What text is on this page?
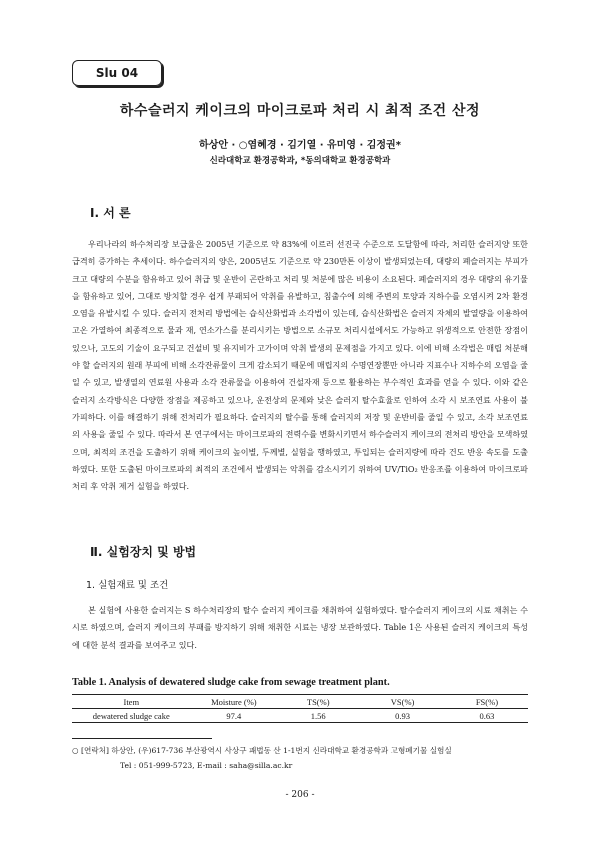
Slu 04
하수슬러지 케이크의 마이크로파 처리 시 최적 조건 산정
하상안 · ○염혜경 · 김기열 · 유미영 · 김정권*
신라대학교 환경공학과, *동의대학교 환경공학과
Ⅰ. 서 론

우리나라의 하수처리장 보급율은 2005년 기준으로 약 83%에 이르러 선진국 수준으로 도달함에 따라, 처리한 슬러지양 또한 급격히 증가하는 추세이다. 하수슬러지의 양은, 2005년도 기준으로 약 230만톤 이상이 발생되었는데, 대량의 폐슬러지는 부피가 크고 대량의 수분을 함유하고 있어 취급 및 운반이 곤란하고 처리 및 처분에 많은 비용이 소요된다. 폐슬러지의 경우 대량의 유기물을 함유하고 있어, 그대로 방치할 경우 쉽게 부패되어 악취를 유발하고, 침출수에 의해 주변의 토양과 지하수를 오염시켜 2차 환경오염을 유발시킬 수 있다. 슬러지 전처리 방법에는 습식산화법과 소각법이 있는데, 습식산화법은 슬러지 자체의 발열량을 이용하여 고온 가열하여 최종적으로 물과 재, 연소가스를 분리시키는 방법으로 소규모 처리시설에서도 가능하고 위생적으로 안전한 장점이 있으나, 고도의 기술이 요구되고 건설비 및 유지비가 고가이며 악취 발생의 문제점을 가지고 있다. 이에 비해 소각법은 매립 처분해야 할 슬러지의 원래 부피에 비해 소각잔류물이 크게 감소되기 때문에 매립지의 수명연장뿐만 아니라 지표수나 지하수의 오염을 줄 일 수 있고, 발생열의 연료원 사용과 소각 잔류물을 이용하여 건설자재 등으로 활용하는 부수적인 효과를 얻을 수 있다. 이와 같은 슬러지 소각방식은 다양한 장점을 제공하고 있으나, 운전상의 문제와 낮은 슬러지 탈수효율로 인하여 소각 시 보조연료 사용이 불가피하다. 이를 해결하기 위해 전처리가 필요하다. 슬러지의 탈수를 통해 슬러지의 저장 및 운반비를 줄일 수 있고, 소각 보조연료의 사용을 줄일 수 있다. 따라서 본 연구에서는 마이크로파의 전력수를 변화시키면서 하수슬러지 케이크의 전처리 방안을 모색하였으며, 최적의 조건을 도출하기 위해 케이크의 높이별, 두께별, 실험을 행하였고, 투입되는 슬러지량에 따라 건도 반응 속도를 도출하였다. 또한 도출된 마이크로파의 최적의 조건에서 발생되는 악취를 감소시키기 위하여 UV/TiO₂ 반응조를 이용하여 마이크로파 처리 후 악취 제거 실험을 하였다.

Ⅱ. 실험장치 및 방법
1. 실험재료 및 조건

본 실험에 사용한 슬러지는 S 하수처리장의 탈수 슬러지 케이크를 채취하여 실험하였다. 탈수슬러지 케이크의 시료 채취는 수시로 하였으며, 슬러지 케이크의 부패를 방지하기 위해 채취한 시료는 냉장 보관하였다. Table 1은 사용된 슬러지 케이크의 특성에 대한 분석 결과를 보여주고 있다.

Table 1. Analysis of dewatered sludge cake from sewage treatment plant.
Item	Moisture (%)	TS(%)	VS(%)	FS(%)
dewatered sludge cake	97.4	1.56	0.93	0.63
○ [연락처] 하상안, (우)617-736 부산광역시 사상구 괘법동 산 1-1번지 신라대학교 환경공학과 고형폐기물 실험실
Tel : 051-999-5723, E-mail : saha@silla.ac.kr
- 206 -
